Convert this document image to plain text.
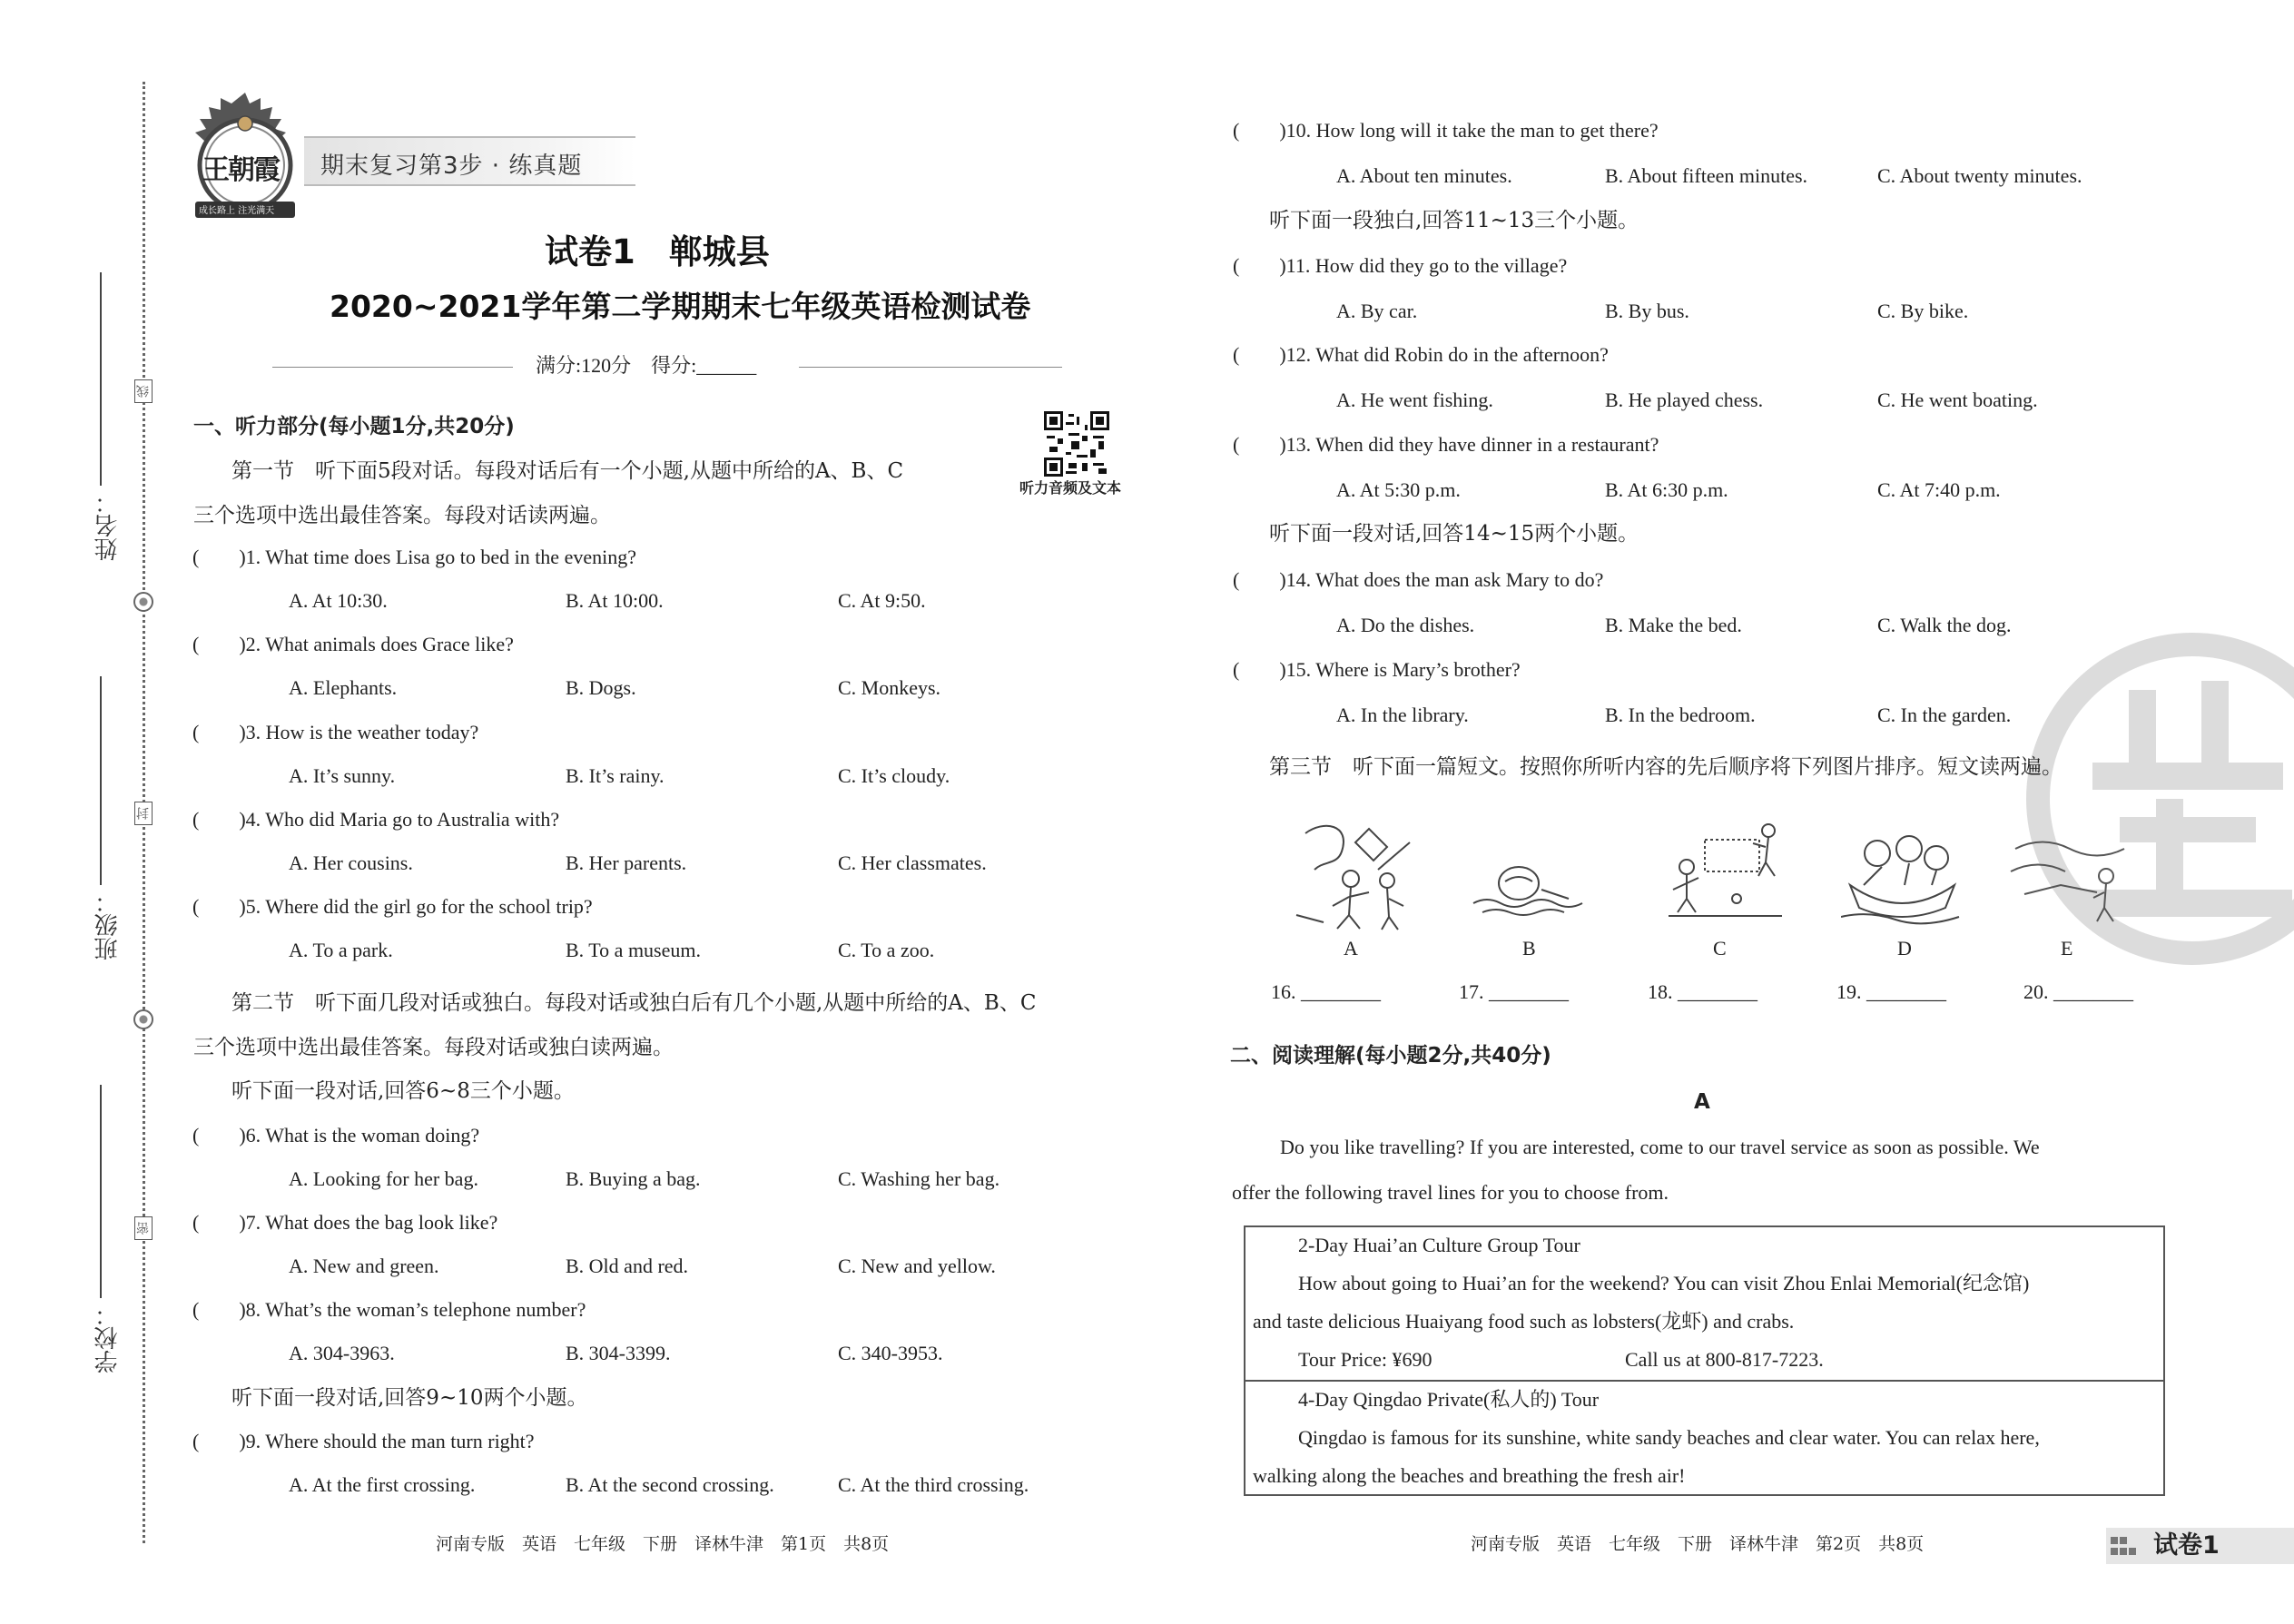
线
封
密
姓名：
班级：
学校：
王朝霞
成长路上 注光满天
期末复习第3步 · 练真题
试卷1　郸城县
2020~2021学年第二学期期末七年级英语检测试卷
满分:120分　得分:______
听力音频及文本
一、听力部分(每小题1分,共20分)
第一节　听下面5段对话。每段对话后有一个小题,从题中所给的A、B、C
三个选项中选出最佳答案。每段对话读两遍。
(　　)1. What time does Lisa go to bed in the evening?
A. At 10:30.	B. At 10:00.	C. At 9:50.
(　　)2. What animals does Grace like?
A. Elephants.	B. Dogs.	C. Monkeys.
(　　)3. How is the weather today?
A. It’s sunny.	B. It’s rainy.	C. It’s cloudy.
(　　)4. Who did Maria go to Australia with?
A. Her cousins.	B. Her parents.	C. Her classmates.
(　　)5. Where did the girl go for the school trip?
A. To a park.	B. To a museum.	C. To a zoo.
第二节　听下面几段对话或独白。每段对话或独白后有几个小题,从题中所给的A、B、C
三个选项中选出最佳答案。每段对话或独白读两遍。
听下面一段对话,回答6~8三个小题。
(　　)6. What is the woman doing?
A. Looking for her bag.	B. Buying a bag.	C. Washing her bag.
(　　)7. What does the bag look like?
A. New and green.	B. Old and red.	C. New and yellow.
(　　)8. What’s the woman’s telephone number?
A. 304-3963.	B. 304-3399.	C. 340-3953.
听下面一段对话,回答9~10两个小题。
(　　)9. Where should the man turn right?
A. At the first crossing.	B. At the second crossing.	C. At the third crossing.
河南专版　英语　七年级　下册　译林牛津　第1页　共8页
(　　)10. How long will it take the man to get there?
A. About ten minutes.	B. About fifteen minutes.	C. About twenty minutes.
听下面一段独白,回答11~13三个小题。
(　　)11. How did they go to the village?
A. By car.	B. By bus.	C. By bike.
(　　)12. What did Robin do in the afternoon?
A. He went fishing.	B. He played chess.	C. He went boating.
(　　)13. When did they have dinner in a restaurant?
A. At 5:30 p.m.	B. At 6:30 p.m.	C. At 7:40 p.m.
听下面一段对话,回答14~15两个小题。
(　　)14. What does the man ask Mary to do?
A. Do the dishes.	B. Make the bed.	C. Walk the dog.
(　　)15. Where is Mary’s brother?
A. In the library.	B. In the bedroom.	C. In the garden.
第三节　听下面一篇短文。按照你所听内容的先后顺序将下列图片排序。短文读两遍。
A	B	C	D	E
16. ________	17. ________	18. ________	19. ________	20. ________
二、阅读理解(每小题2分,共40分)
A
Do you like travelling? If you are interested, come to our travel service as soon as possible. We
offer the following travel lines for you to choose from.
2-Day Huai’an Culture Group Tour
How about going to Huai’an for the weekend? You can visit Zhou Enlai Memorial(纪念馆)
and taste delicious Huaiyang food such as lobsters(龙虾) and crabs.
Tour Price: ¥690	Call us at 800-817-7223.
4-Day Qingdao Private(私人的) Tour
Qingdao is famous for its sunshine, white sandy beaches and clear water. You can relax here,
walking along the beaches and breathing the fresh air!
河南专版　英语　七年级　下册　译林牛津　第2页　共8页	试卷1
